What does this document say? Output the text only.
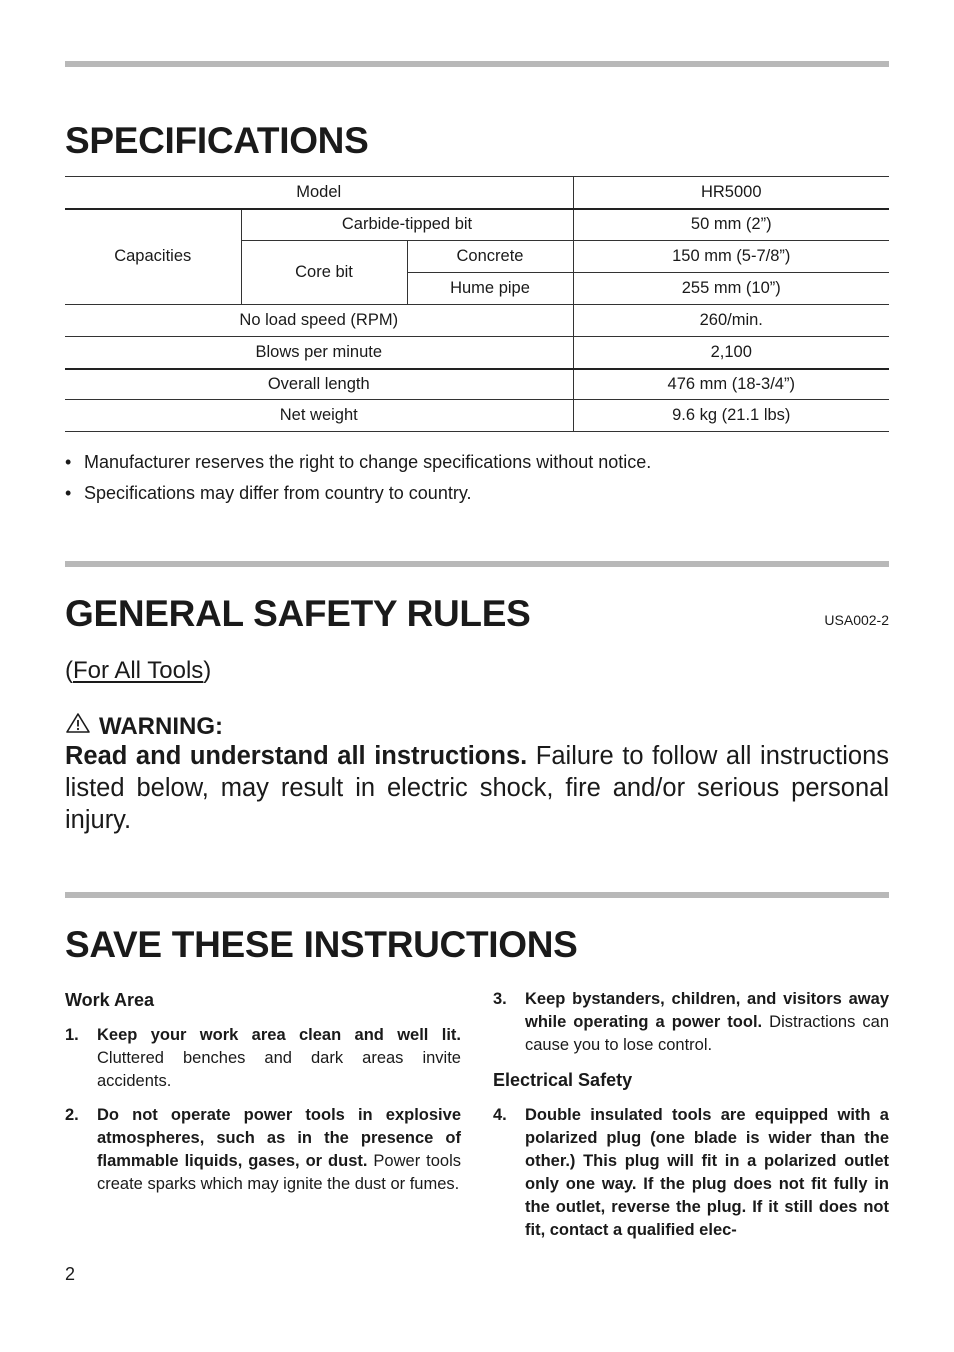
SPECIFICATIONS
Model			HR5000
Capacities	Carbide-tipped bit		50 mm (2”)
	Core bit	Concrete	150 mm (5-7/8”)
		Hume pipe	255 mm (10”)
No load speed (RPM)			260/min.
Blows per minute			2,100
Overall length			476 mm (18-3/4”)
Net weight			9.6 kg (21.1 lbs)
• Manufacturer reserves the right to change specifications without notice.
• Specifications may differ from country to country.
GENERAL SAFETY RULES	USA002-2
(For All Tools)
WARNING:
Read and understand all instructions. Failure to follow all instructions listed below, may result in electric shock, fire and/or serious personal injury.
SAVE THESE INSTRUCTIONS
Work Area
1. Keep your work area clean and well lit. Cluttered benches and dark areas invite accidents.
2. Do not operate power tools in explosive atmospheres, such as in the presence of flammable liquids, gases, or dust. Power tools create sparks which may ignite the dust or fumes.
3. Keep bystanders, children, and visitors away while operating a power tool. Distractions can cause you to lose control.
Electrical Safety
4. Double insulated tools are equipped with a polarized plug (one blade is wider than the other.) This plug will fit in a polarized outlet only one way. If the plug does not fit fully in the outlet, reverse the plug. If it still does not fit, contact a qualified elec-
2
